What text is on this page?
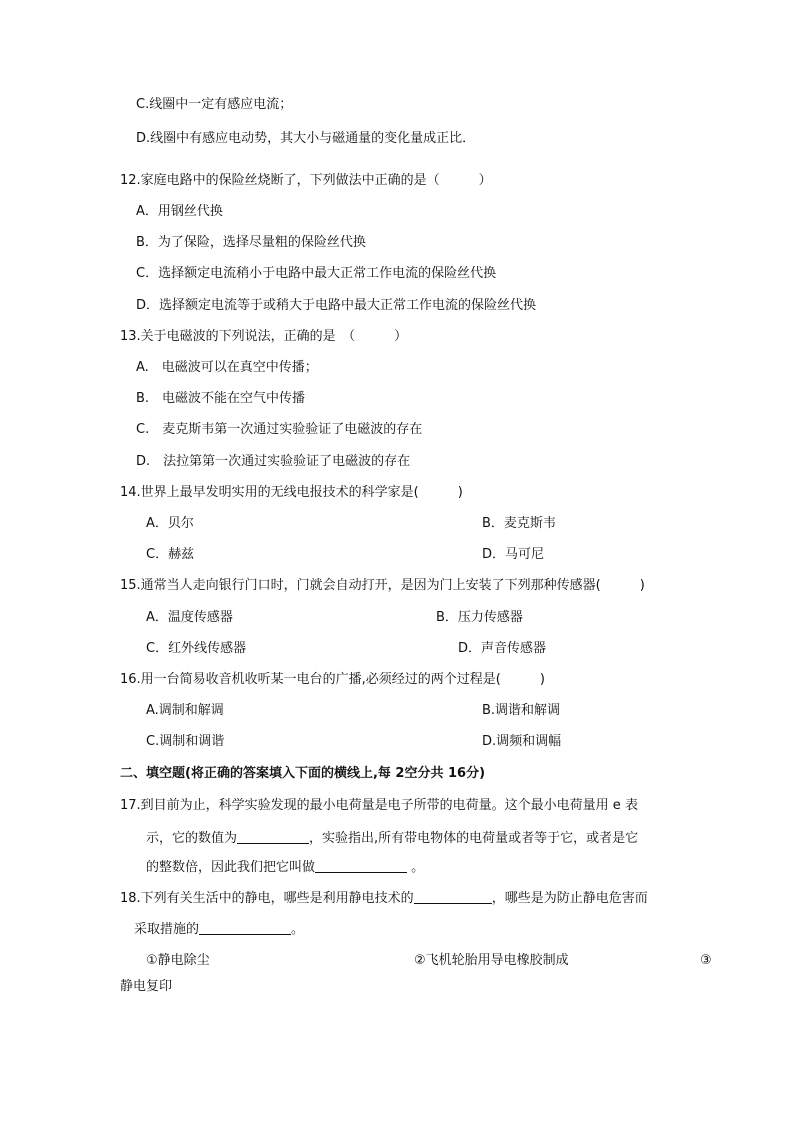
C.线圈中一定有感应电流；
D.线圈中有感应电动势，其大小与磁通量的变化量成正比．
12.家庭电路中的保险丝烧断了，下列做法中正确的是（　　　）
A．用钢丝代换
B．为了保险，选择尽量粗的保险丝代换
C．选择额定电流稍小于电路中最大正常工作电流的保险丝代换
D．选择额定电流等于或稍大于电路中最大正常工作电流的保险丝代换
13.关于电磁波的下列说法，正确的是　（　　　）
A.　电磁波可以在真空中传播；
B.　电磁波不能在空气中传播
C.　麦克斯韦第一次通过实验验证了电磁波的存在
D.　法拉第第一次通过实验验证了电磁波的存在
14.世界上最早发明实用的无线电报技术的科学家是(　　　)
A．贝尔	B．麦克斯韦
C．赫兹	D．马可尼
15.通常当人走向银行门口时，门就会自动打开，是因为门上安装了下列那种传感器(　　　)
A．温度传感器	B．压力传感器
C．红外线传感器	D．声音传感器
16.用一台简易收音机收听某一电台的广播,必须经过的两个过程是(　　　)
A.调制和解调	B.调谐和解调
C.调制和调谐	D.调频和调幅
二、填空题(将正确的答案填入下面的横线上,每 2空分共 16分)
17.到目前为止，科学实验发现的最小电荷量是电子所带的电荷量。这个最小电荷量用 e 表
示，它的数值为	，实验指出,所有带电物体的电荷量或者等于它，或者是它
的整数倍，因此我们把它叫做	。
18.下列有关生活中的静电，哪些是利用静电技术的	，哪些是为防止静电危害而
采取措施的	。
①静电除尘	②飞机轮胎用导电橡胶制成	③
静电复印
